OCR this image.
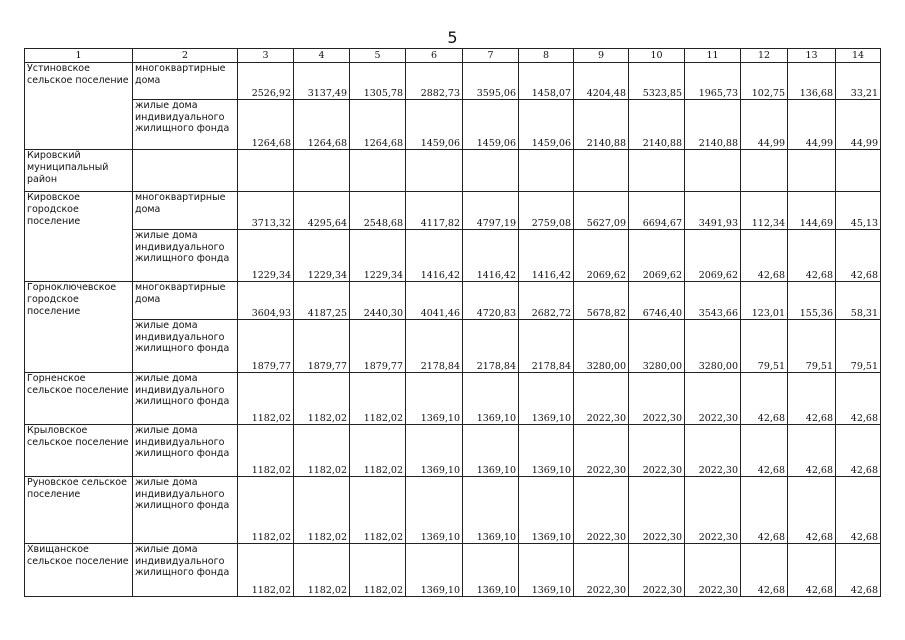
5
1	2	3	4	5	6	7	8	9	10	11	12	13	14
Устиновское сельское поселение	многоквартирные дома	2526,92	3137,49	1305,78	2882,73	3595,06	1458,07	4204,48	5323,85	1965,73	102,75	136,68	33,21
	жилые дома индивидуального жилищного фонда	1264,68	1264,68	1264,68	1459,06	1459,06	1459,06	2140,88	2140,88	2140,88	44,99	44,99	44,99
Кировский муниципальный район													
Кировское городское поселение	многоквартирные дома	3713,32	4295,64	2548,68	4117,82	4797,19	2759,08	5627,09	6694,67	3491,93	112,34	144,69	45,13
	жилые дома индивидуального жилищного фонда	1229,34	1229,34	1229,34	1416,42	1416,42	1416,42	2069,62	2069,62	2069,62	42,68	42,68	42,68
Горноключевское городское поселение	многоквартирные дома	3604,93	4187,25	2440,30	4041,46	4720,83	2682,72	5678,82	6746,40	3543,66	123,01	155,36	58,31
	жилые дома индивидуального жилищного фонда	1879,77	1879,77	1879,77	2178,84	2178,84	2178,84	3280,00	3280,00	3280,00	79,51	79,51	79,51
Горненское сельское поселение	жилые дома индивидуального жилищного фонда	1182,02	1182,02	1182,02	1369,10	1369,10	1369,10	2022,30	2022,30	2022,30	42,68	42,68	42,68
Крыловское сельское поселение	жилые дома индивидуального жилищного фонда	1182,02	1182,02	1182,02	1369,10	1369,10	1369,10	2022,30	2022,30	2022,30	42,68	42,68	42,68
Руновское сельское поселение	жилые дома индивидуального жилищного фонда	1182,02	1182,02	1182,02	1369,10	1369,10	1369,10	2022,30	2022,30	2022,30	42,68	42,68	42,68
Хвищанское сельское поселение	жилые дома индивидуального жилищного фонда	1182,02	1182,02	1182,02	1369,10	1369,10	1369,10	2022,30	2022,30	2022,30	42,68	42,68	42,68
